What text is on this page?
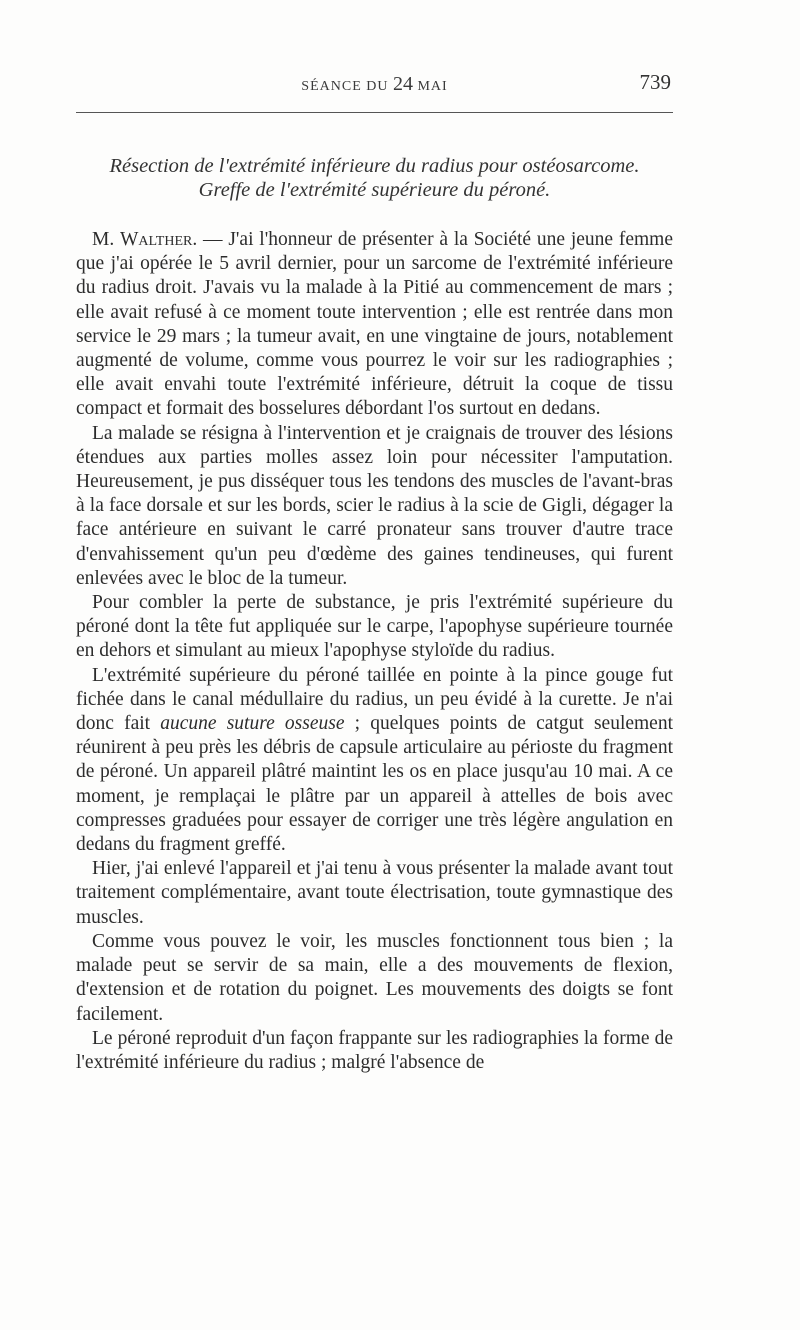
SÉANCE DU 24 MAI	739
Résection de l'extrémité inférieure du radius pour ostéosarcome.
Greffe de l'extrémité supérieure du péroné.

M. Walther. — J'ai l'honneur de présenter à la Société une jeune femme que j'ai opérée le 5 avril dernier, pour un sarcome de l'extrémité inférieure du radius droit. J'avais vu la malade à la Pitié au commencement de mars ; elle avait refusé à ce moment toute intervention ; elle est rentrée dans mon service le 29 mars ; la tumeur avait, en une vingtaine de jours, notablement augmenté de volume, comme vous pourrez le voir sur les radiographies ; elle avait envahi toute l'extrémité inférieure, détruit la coque de tissu compact et formait des bosselures débordant l'os surtout en dedans.

La malade se résigna à l'intervention et je craignais de trouver des lésions étendues aux parties molles assez loin pour nécessiter l'amputation. Heureusement, je pus disséquer tous les tendons des muscles de l'avant-bras à la face dorsale et sur les bords, scier le radius à la scie de Gigli, dégager la face antérieure en suivant le carré pronateur sans trouver d'autre trace d'envahissement qu'un peu d'œdème des gaines tendineuses, qui furent enlevées avec le bloc de la tumeur.

Pour combler la perte de substance, je pris l'extrémité supérieure du péroné dont la tête fut appliquée sur le carpe, l'apophyse supérieure tournée en dehors et simulant au mieux l'apophyse styloïde du radius.

L'extrémité supérieure du péroné taillée en pointe à la pince gouge fut fichée dans le canal médullaire du radius, un peu évidé à la curette. Je n'ai donc fait aucune suture osseuse ; quelques points de catgut seulement réunirent à peu près les débris de capsule articulaire au périoste du fragment de péroné. Un appareil plâtré maintint les os en place jusqu'au 10 mai. A ce moment, je remplaçai le plâtre par un appareil à attelles de bois avec compresses graduées pour essayer de corriger une très légère angulation en dedans du fragment greffé.

Hier, j'ai enlevé l'appareil et j'ai tenu à vous présenter la malade avant tout traitement complémentaire, avant toute électrisation, toute gymnastique des muscles.

Comme vous pouvez le voir, les muscles fonctionnent tous bien ; la malade peut se servir de sa main, elle a des mouvements de flexion, d'extension et de rotation du poignet. Les mouvements des doigts se font facilement.

Le péroné reproduit d'un façon frappante sur les radiographies la forme de l'extrémité inférieure du radius ; malgré l'absence de
